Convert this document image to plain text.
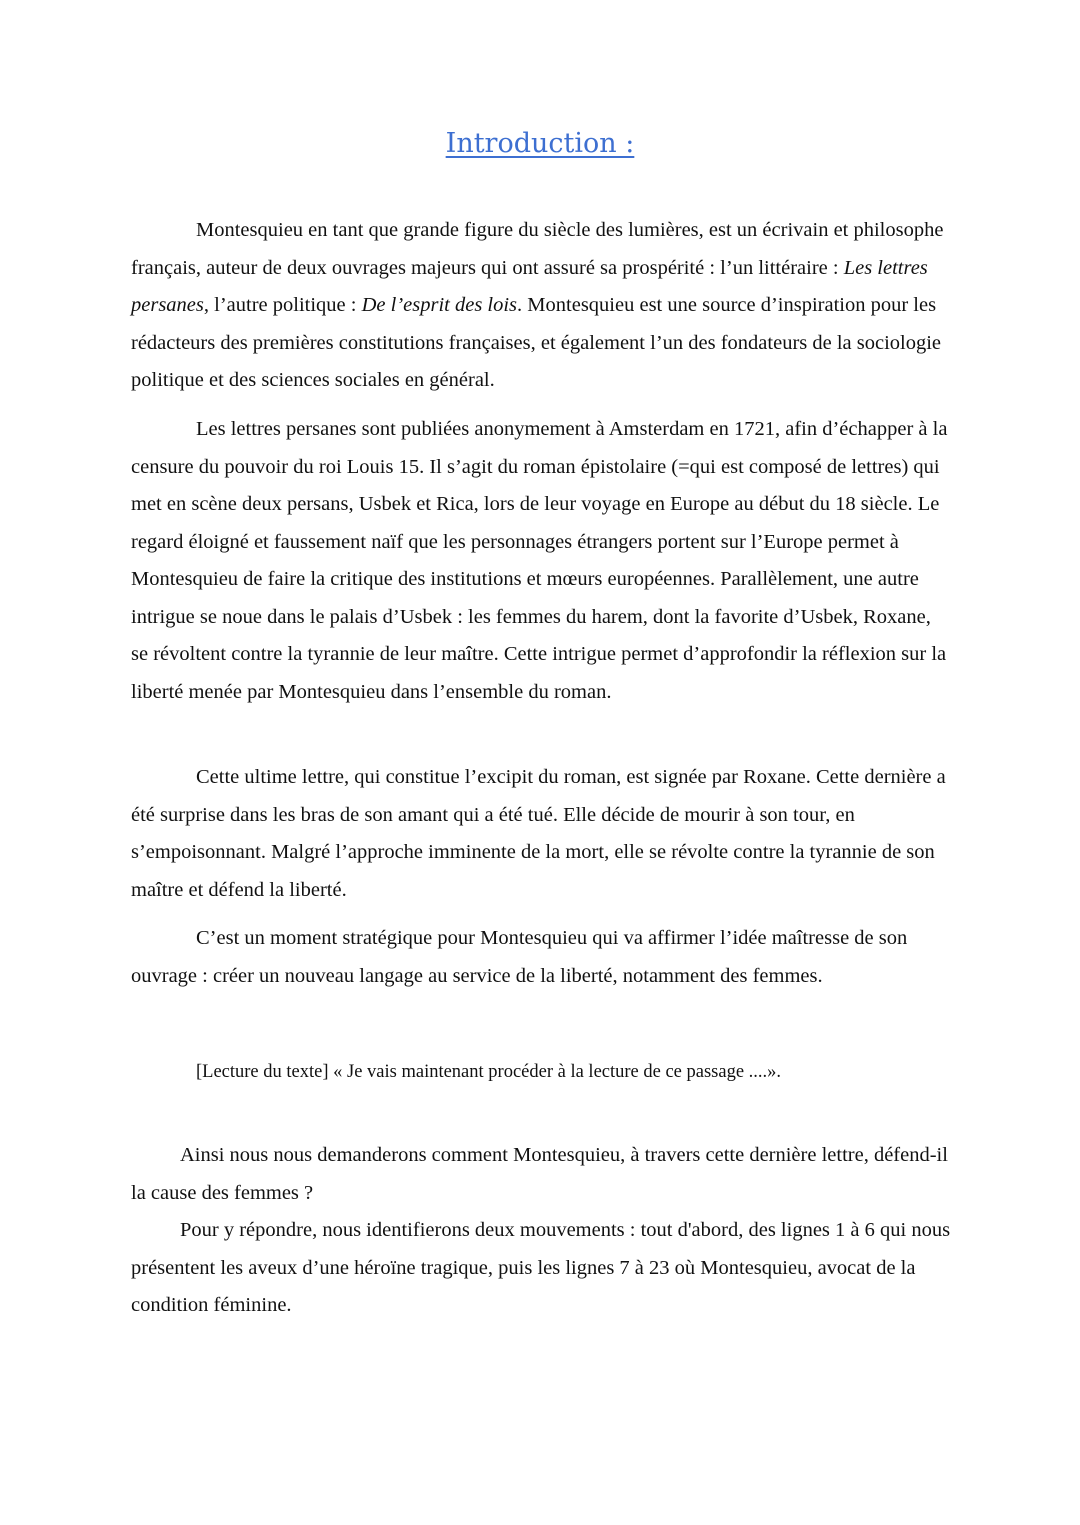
Introduction :

Montesquieu en tant que grande figure du siècle des lumières, est un écrivain et philosophe français, auteur de deux ouvrages majeurs qui ont assuré sa prospérité : l’un littéraire : Les lettres persanes, l’autre politique : De l’esprit des lois. Montesquieu est une source d’inspiration pour les rédacteurs des premières constitutions françaises, et également l’un des fondateurs de la sociologie politique et des sciences sociales en général.

Les lettres persanes sont publiées anonymement à Amsterdam en 1721, afin d’échapper à la censure du pouvoir du roi Louis 15. Il s’agit du roman épistolaire (=qui est composé de lettres) qui met en scène deux persans, Usbek et Rica, lors de leur voyage en Europe au début du 18 siècle. Le regard éloigné et faussement naïf que les personnages étrangers portent sur l’Europe permet à Montesquieu de faire la critique des institutions et mœurs européennes. Parallèlement, une autre intrigue se noue dans le palais d’Usbek : les femmes du harem, dont la favorite d’Usbek, Roxane, se révoltent contre la tyrannie de leur maître. Cette intrigue permet d’approfondir la réflexion sur la liberté menée par Montesquieu dans l’ensemble du roman.

Cette ultime lettre, qui constitue l’excipit du roman, est signée par Roxane. Cette dernière a été surprise dans les bras de son amant qui a été tué. Elle décide de mourir à son tour, en s’empoisonnant. Malgré l’approche imminente de la mort, elle se révolte contre la tyrannie de son maître et défend la liberté.

C’est un moment stratégique pour Montesquieu qui va affirmer l’idée maîtresse de son ouvrage : créer un nouveau langage au service de la liberté, notamment des femmes.

[Lecture du texte] « Je vais maintenant procéder à la lecture de ce passage ....».

Ainsi nous nous demanderons comment Montesquieu, à travers cette dernière lettre, défend-il la cause des femmes ?

Pour y répondre, nous identifierons deux mouvements : tout d'abord, des lignes 1 à 6 qui nous présentent les aveux d’une héroïne tragique, puis les lignes 7 à 23 où Montesquieu, avocat de la condition féminine.
